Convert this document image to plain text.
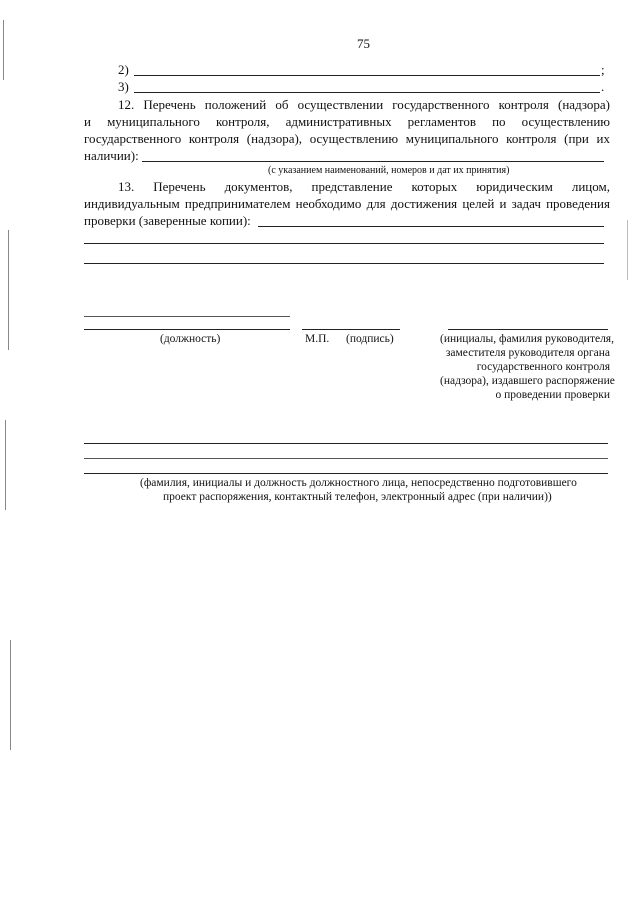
75
2)	;
3)	.
12. Перечень положений об осуществлении государственного контроля (надзора)
и муниципального контроля, административных регламентов по осуществлению
государственного контроля (надзора), осуществлению муниципального контроля (при их
наличии):
(с указанием наименований, номеров и дат их принятия)
13. Перечень документов, представление которых юридическим лицом,
индивидуальным предпринимателем необходимо для достижения целей и задач проведения
проверки (заверенные копии):
(должность)	М.П. (подпись)	(инициалы, фамилия руководителя,
заместителя руководителя органа
государственного контроля
(надзора), издавшего распоряжение
о проведении проверки
(фамилия, инициалы и должность должностного лица, непосредственно подготовившего
проект распоряжения, контактный телефон, электронный адрес (при наличии))
